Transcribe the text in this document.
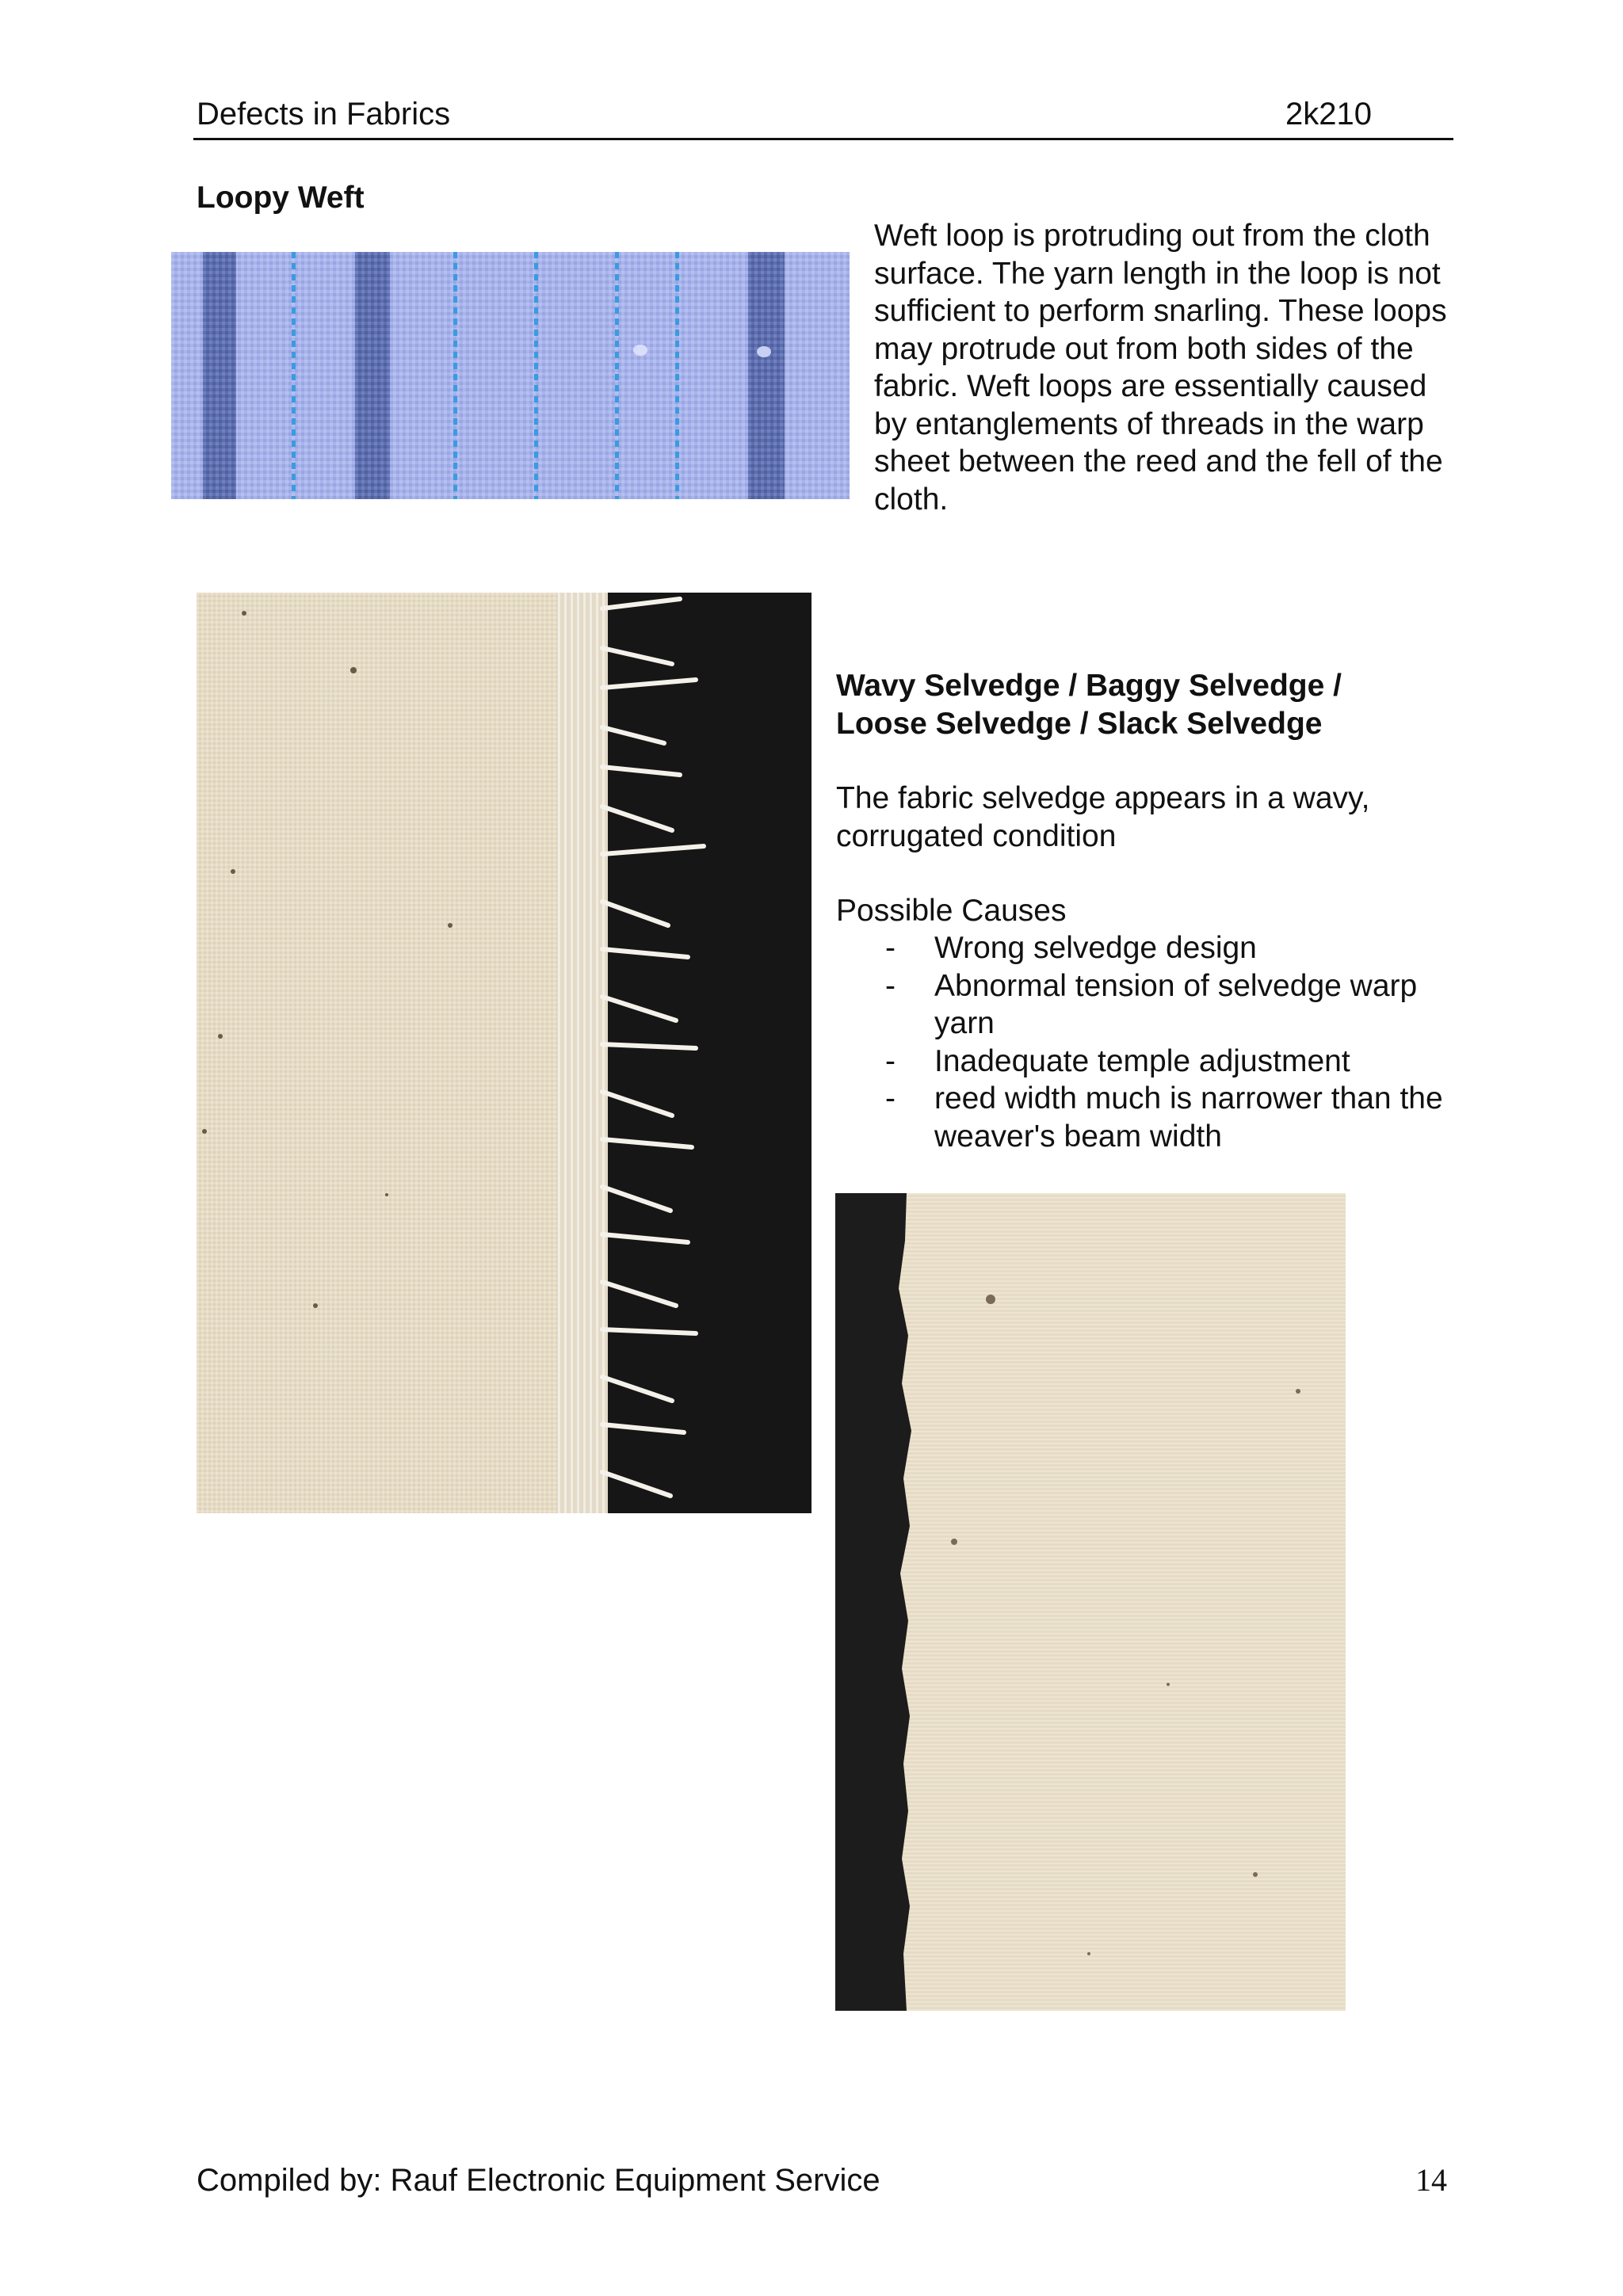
Defects in Fabrics	2k210
Loopy Weft
Weft loop is protruding out from the cloth surface. The yarn length in the loop is not sufficient to perform snarling. These loops may protrude out from both sides of the fabric. Weft loops are essentially caused by entanglements of threads in the warp sheet between the reed and the fell of the cloth.
Wavy Selvedge / Baggy Selvedge /
Loose Selvedge / Slack Selvedge
The fabric selvedge appears in a wavy, corrugated condition
Possible Causes
- Wrong selvedge design
- Abnormal tension of selvedge warp yarn
- Inadequate temple adjustment
- reed width much is narrower than the weaver's beam width
Compiled by: Rauf Electronic Equipment Service	14
